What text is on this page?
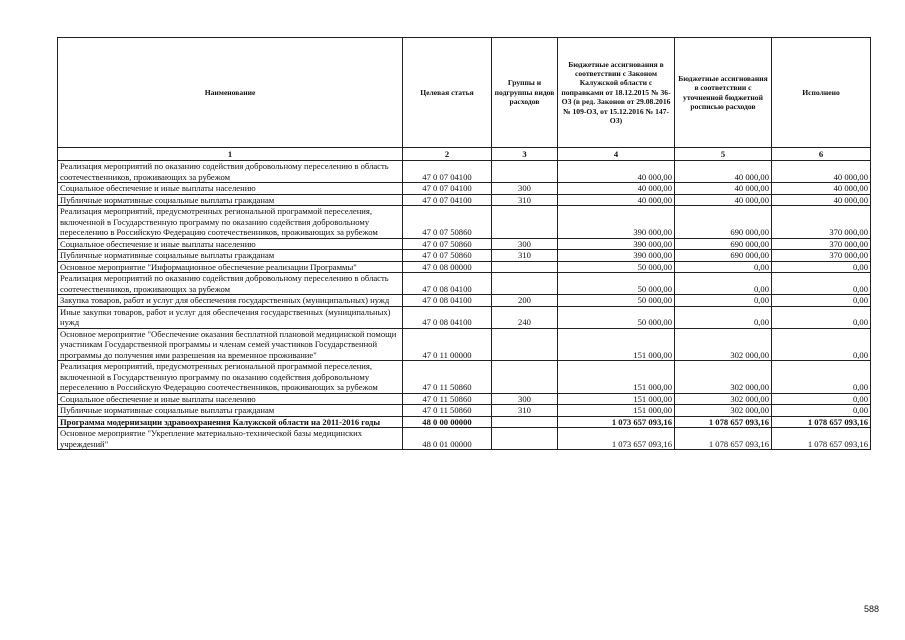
Наименование	Целевая статья	Группы и подгруппы видов расходов	Бюджетные ассигнования в соответствии с Законом Калужской области с поправками от 18.12.2015 № 36-ОЗ (в ред. Законов от 29.08.2016 № 109-ОЗ, от 15.12.2016 № 147-ОЗ)	Бюджетные ассигнования в соответствии с уточненной бюджетной росписью расходов	Исполнено
1	2	3	4	5	6
Реализация мероприятий по оказанию содействия добровольному переселению в область соотечественников, проживающих за рубежом	47 0 07 04100		40 000,00	40 000,00	40 000,00
Социальное обеспечение и иные выплаты населению	47 0 07 04100	300	40 000,00	40 000,00	40 000,00
Публичные нормативные социальные выплаты гражданам	47 0 07 04100	310	40 000,00	40 000,00	40 000,00
Реализация мероприятий, предусмотренных региональной программой переселения, включенной в Государственную программу по оказанию содействия добровольному переселению в Российскую Федерацию соотечественников, проживающих за рубежом	47 0 07 50860		390 000,00	690 000,00	370 000,00
Социальное обеспечение и иные выплаты населению	47 0 07 50860	300	390 000,00	690 000,00	370 000,00
Публичные нормативные социальные выплаты гражданам	47 0 07 50860	310	390 000,00	690 000,00	370 000,00
Основное мероприятие "Информационное обеспечение реализации Программы"	47 0 08 00000		50 000,00	0,00	0,00
Реализация мероприятий по оказанию содействия добровольному переселению в область соотечественников, проживающих за рубежом	47 0 08 04100		50 000,00	0,00	0,00
Закупка товаров, работ и услуг для обеспечения государственных (муниципальных) нужд	47 0 08 04100	200	50 000,00	0,00	0,00
Иные закупки товаров, работ и услуг для обеспечения государственных (муниципальных) нужд	47 0 08 04100	240	50 000,00	0,00	0,00
Основное мероприятие "Обеспечение оказания бесплатной плановой медицинской помощи участникам Государственной программы и членам семей участников Государственной программы до получения ими разрешения на временное проживание"	47 0 11 00000		151 000,00	302 000,00	0,00
Реализация мероприятий, предусмотренных региональной программой переселения, включенной в Государственную программу по оказанию содействия добровольному переселению в Российскую Федерацию соотечественников, проживающих за рубежом	47 0 11 50860		151 000,00	302 000,00	0,00
Социальное обеспечение и иные выплаты населению	47 0 11 50860	300	151 000,00	302 000,00	0,00
Публичные нормативные социальные выплаты гражданам	47 0 11 50860	310	151 000,00	302 000,00	0,00
Программа модернизации здравоохранения Калужской области на 2011-2016 годы	48 0 00 00000		1 073 657 093,16	1 078 657 093,16	1 078 657 093,16
Основное мероприятие "Укрепление материально-технической базы медицинских учреждений"	48 0 01 00000		1 073 657 093,16	1 078 657 093,16	1 078 657 093,16
588
